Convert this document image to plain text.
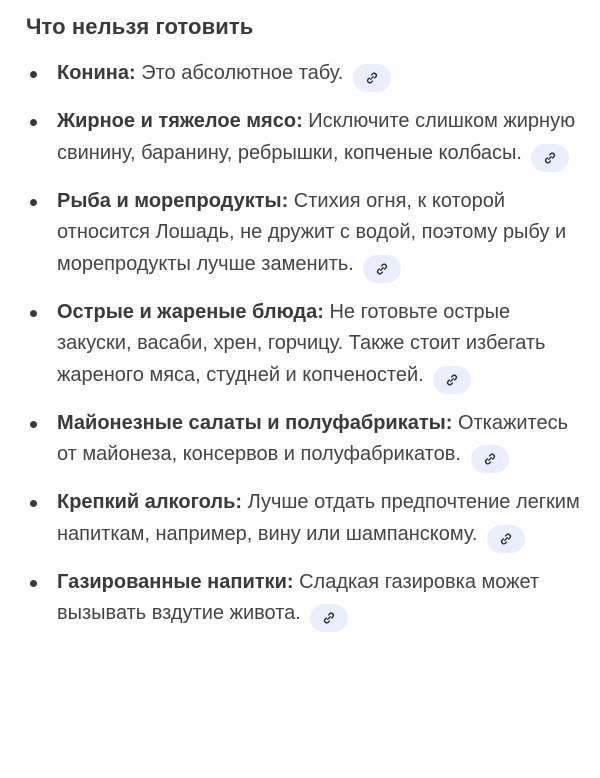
Что нельзя готовить
Конина: Это абсолютное табу.
Жирное и тяжелое мясо: Исключите слишком жирную свинину, баранину, ребрышки, копченые колбасы.
Рыба и морепродукты: Стихия огня, к которой относится Лошадь, не дружит с водой, поэтому рыбу и морепродукты лучше заменить.
Острые и жареные блюда: Не готовьте острые закуски, васаби, хрен, горчицу. Также стоит избегать жареного мяса, студней и копченостей.
Майонезные салаты и полуфабрикаты: Откажитесь от майонеза, консервов и полуфабрикатов.
Крепкий алкоголь: Лучше отдать предпочтение легким напиткам, например, вину или шампанскому.
Газированные напитки: Сладкая газировка может вызывать вздутие живота.
